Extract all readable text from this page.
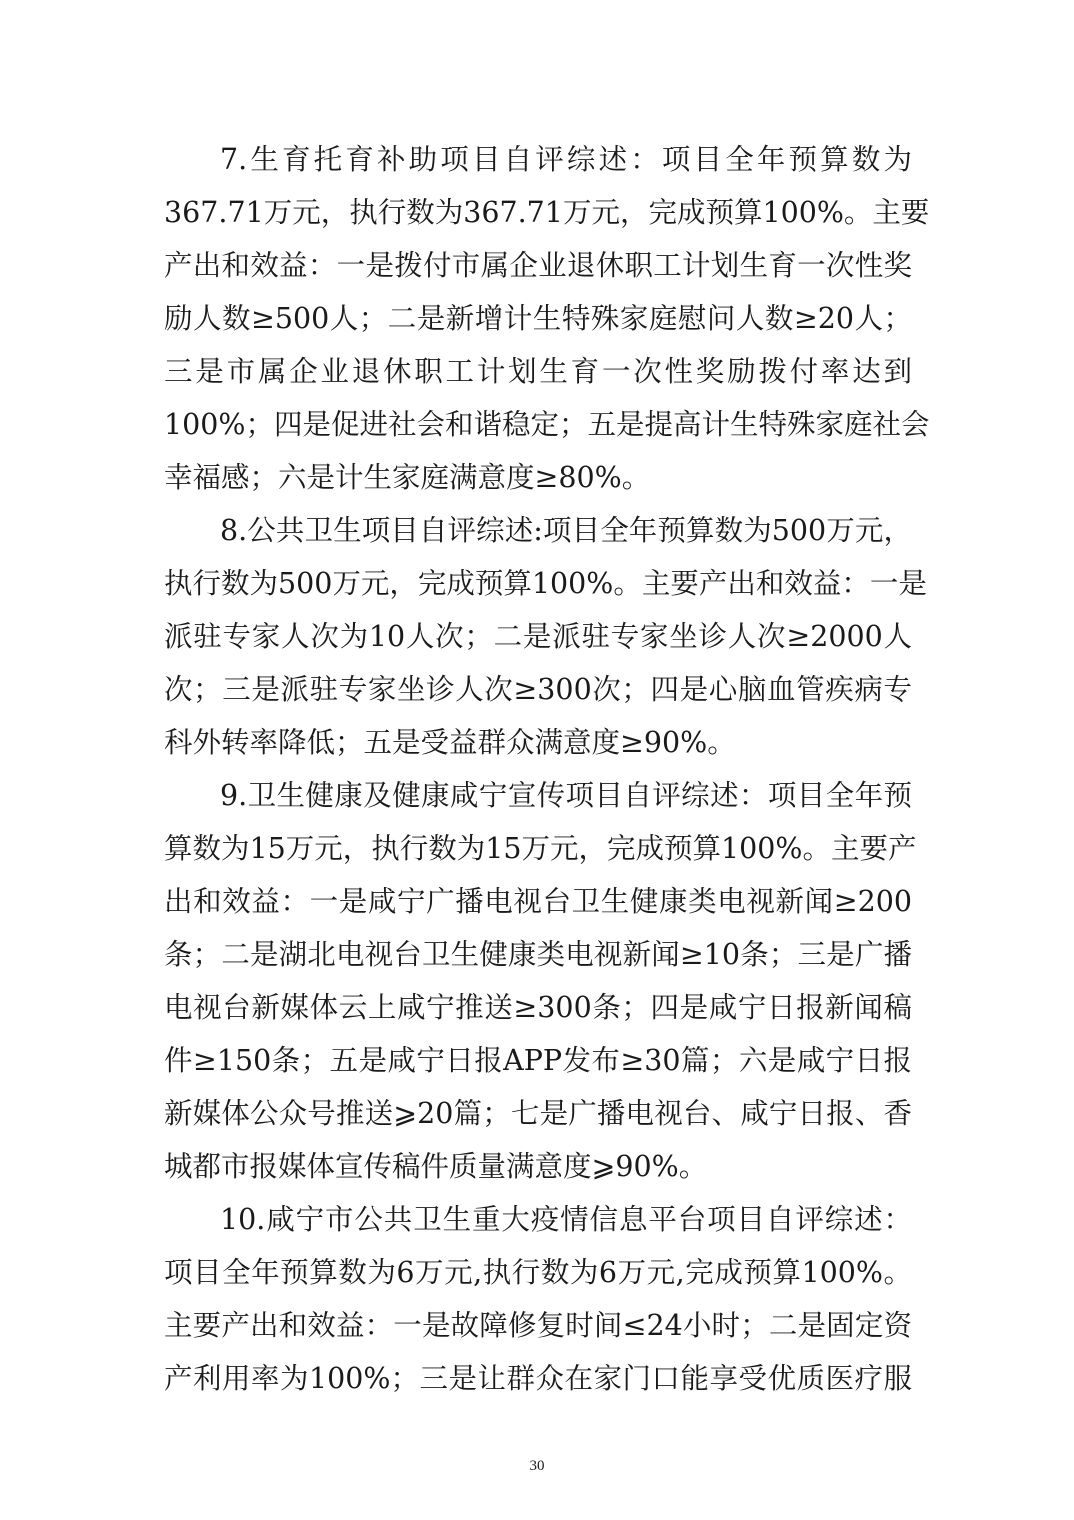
7.生育托育补助项目自评综述：项目全年预算数为
367.71万元，执行数为367.71万元，完成预算100%。主要
产出和效益：一是拨付市属企业退休职工计划生育一次性奖
励人数≥500人；二是新增计生特殊家庭慰问人数≥20人；
三是市属企业退休职工计划生育一次性奖励拨付率达到
100%；四是促进社会和谐稳定；五是提高计生特殊家庭社会
幸福感；六是计生家庭满意度≥80%。
8.公共卫生项目自评综述:项目全年预算数为500万元，
执行数为500万元，完成预算100%。主要产出和效益：一是
派驻专家人次为10人次；二是派驻专家坐诊人次≥2000人
次；三是派驻专家坐诊人次≥300次；四是心脑血管疾病专
科外转率降低；五是受益群众满意度≥90%。
9.卫生健康及健康咸宁宣传项目自评综述：项目全年预
算数为15万元，执行数为15万元，完成预算100%。主要产
出和效益：一是咸宁广播电视台卫生健康类电视新闻≥200
条；二是湖北电视台卫生健康类电视新闻≥10条；三是广播
电视台新媒体云上咸宁推送≥300条；四是咸宁日报新闻稿
件≥150条；五是咸宁日报APP发布≥30篇；六是咸宁日报
新媒体公众号推送⩾20篇；七是广播电视台、咸宁日报、香
城都市报媒体宣传稿件质量满意度⩾90%。
10.咸宁市公共卫生重大疫情信息平台项目自评综述：
项目全年预算数为6万元,执行数为6万元,完成预算100%。
主要产出和效益：一是故障修复时间≤24小时；二是固定资
产利用率为100%；三是让群众在家门口能享受优质医疗服
30
